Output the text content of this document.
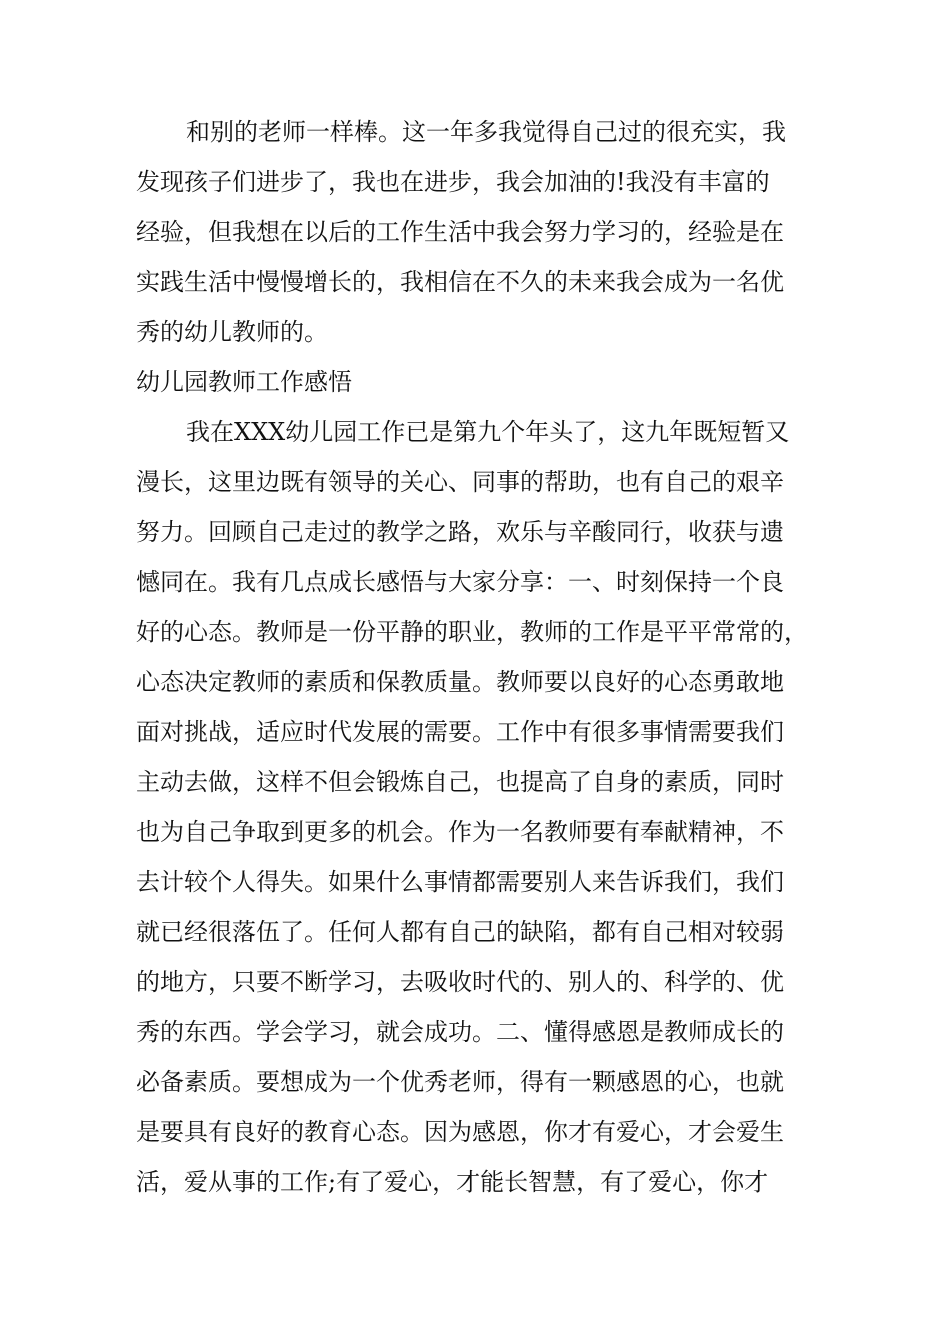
和别的老师一样棒。这一年多我觉得自己过的很充实，我

发现孩子们进步了，我也在进步，我会加油的!我没有丰富的

经验，但我想在以后的工作生活中我会努力学习的，经验是在

实践生活中慢慢增长的，我相信在不久的未来我会成为一名优

秀的幼儿教师的。

幼儿园教师工作感悟

我在XXX幼儿园工作已是第九个年头了，这九年既短暂又

漫长，这里边既有领导的关心、同事的帮助，也有自己的艰辛

努力。回顾自己走过的教学之路，欢乐与辛酸同行，收获与遗

憾同在。我有几点成长感悟与大家分享：一、时刻保持一个良

好的心态。教师是一份平静的职业，教师的工作是平平常常的，

心态决定教师的素质和保教质量。教师要以良好的心态勇敢地

面对挑战，适应时代发展的需要。工作中有很多事情需要我们

主动去做，这样不但会锻炼自己，也提高了自身的素质，同时

也为自己争取到更多的机会。作为一名教师要有奉献精神，不

去计较个人得失。如果什么事情都需要别人来告诉我们，我们

就已经很落伍了。任何人都有自己的缺陷，都有自己相对较弱

的地方，只要不断学习，去吸收时代的、别人的、科学的、优

秀的东西。学会学习，就会成功。二、懂得感恩是教师成长的

必备素质。要想成为一个优秀老师，得有一颗感恩的心，也就

是要具有良好的教育心态。因为感恩，你才有爱心，才会爱生

活，爱从事的工作;有了爱心，才能长智慧，有了爱心，你才
